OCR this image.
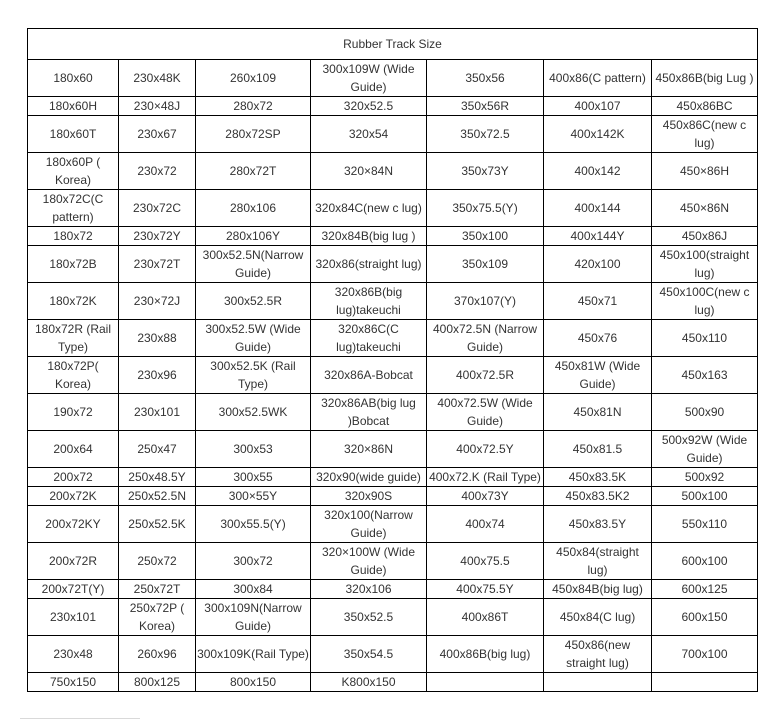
Rubber Track Size						
180x60	230x48K	260x109	300x109W (Wide Guide)	350x56	400x86(C pattern)	450x86B(big Lug )
180x60H	230×48J	280x72	320x52.5	350x56R	400x107	450x86BC
180x60T	230x67	280x72SP	320x54	350x72.5	400x142K	450x86C(new c lug)
180x60P ( Korea)	230x72	280x72T	320×84N	350x73Y	400x142	450×86H
180x72C(C pattern)	230x72C	280x106	320x84C(new c lug)	350x75.5(Y)	400x144	450×86N
180x72	230x72Y	280x106Y	320x84B(big lug )	350x100	400x144Y	450x86J
180x72B	230x72T	300x52.5N(Narrow Guide)	320x86(straight lug)	350x109	420x100	450x100(straight lug)
180x72K	230×72J	300x52.5R	320x86B(big lug)takeuchi	370x107(Y)	450x71	450x100C(new c lug)
180x72R (Rail Type)	230x88	300x52.5W (Wide Guide)	320x86C(C lug)takeuchi	400x72.5N (Narrow Guide)	450x76	450x110
180x72P( Korea)	230x96	300x52.5K (Rail Type)	320x86A-Bobcat	400x72.5R	450x81W (Wide Guide)	450x163
190x72	230x101	300x52.5WK	320x86AB(big lug )Bobcat	400x72.5W (Wide Guide)	450x81N	500x90
200x64	250x47	300x53	320×86N	400x72.5Y	450x81.5	500x92W (Wide Guide)
200x72	250x48.5Y	300x55	320x90(wide guide)	400x72.K (Rail Type)	450x83.5K	500x92
200x72K	250x52.5N	300×55Y	320x90S	400x73Y	450x83.5K2	500x100
200x72KY	250x52.5K	300x55.5(Y)	320x100(Narrow Guide)	400x74	450x83.5Y	550x110
200x72R	250x72	300x72	320×100W (Wide Guide)	400x75.5	450x84(straight lug)	600x100
200x72T(Y)	250x72T	300x84	320x106	400x75.5Y	450x84B(big lug)	600x125
230x101	250x72P ( Korea)	300x109N(Narrow Guide)	350x52.5	400x86T	450x84(C lug)	600x150
230x48	260x96	300x109K(Rail Type)	350x54.5	400x86B(big lug)	450x86(new straight lug)	700x100
750x150	800x125	800x150	K800x150			
